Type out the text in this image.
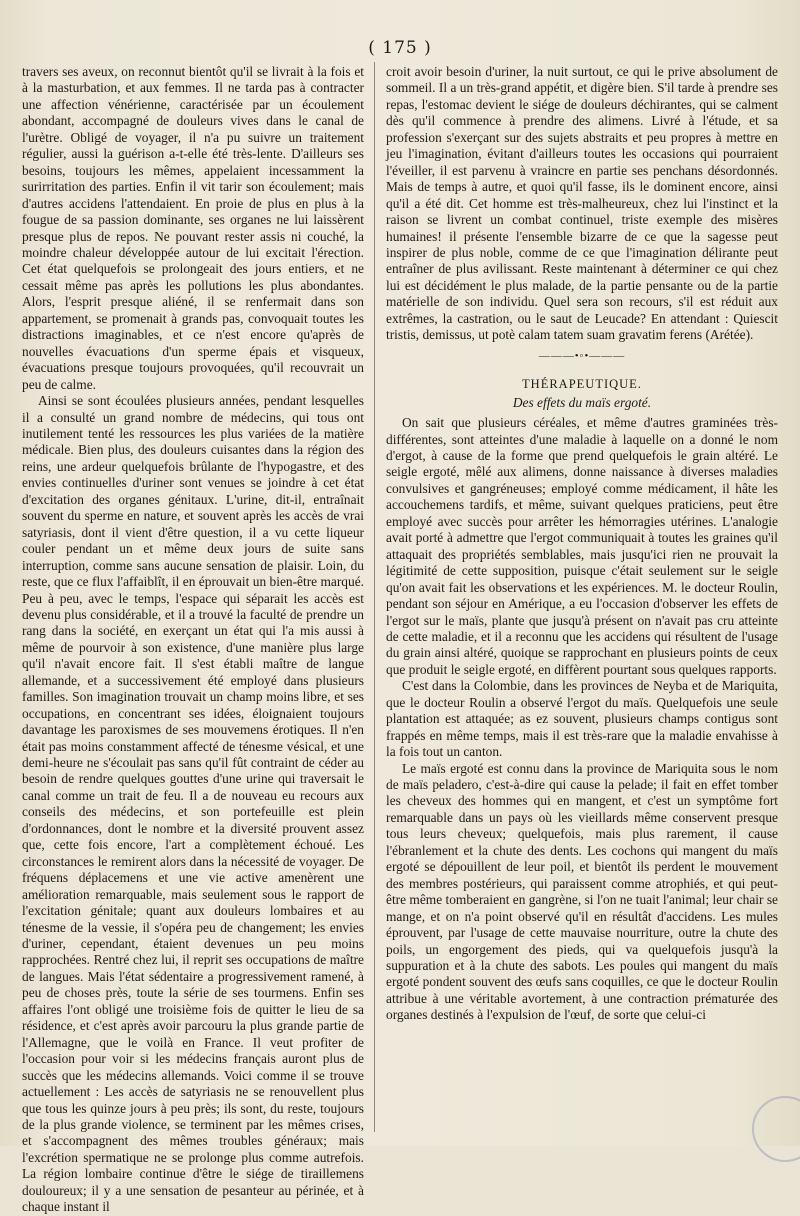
( 175 )

travers ses aveux, on reconnut bientôt qu'il se livrait à la fois et à la masturbation, et aux femmes. Il ne tarda pas à contracter une affection vénérienne, caractérisée par un écoulement abondant, accompagné de douleurs vives dans le canal de l'urètre. Obligé de voyager, il n'a pu suivre un traitement régulier, aussi la guérison a-t-elle été très-lente. D'ailleurs ses besoins, toujours les mêmes, appelaient incessamment la surirritation des parties. Enfin il vit tarir son écoulement; mais d'autres accidens l'attendaient. En proie de plus en plus à la fougue de sa passion dominante, ses organes ne lui laissèrent presque plus de repos. Ne pouvant rester assis ni couché, la moindre chaleur développée autour de lui excitait l'érection. Cet état quelquefois se prolongeait des jours entiers, et ne cessait même pas après les pollutions les plus abondantes. Alors, l'esprit presque aliéné, il se renfermait dans son appartement, se promenait à grands pas, convoquait toutes les distractions imaginables, et ce n'est encore qu'après de nouvelles évacuations d'un sperme épais et visqueux, évacuations presque toujours provoquées, qu'il recouvrait un peu de calme.

Ainsi se sont écoulées plusieurs années, pendant lesquelles il a consulté un grand nombre de médecins, qui tous ont inutilement tenté les ressources les plus variées de la matière médicale. Bien plus, des douleurs cuisantes dans la région des reins, une ardeur quelquefois brûlante de l'hypogastre, et des envies continuelles d'uriner sont venues se joindre à cet état d'excitation des organes génitaux. L'urine, dit-il, entraînait souvent du sperme en nature, et souvent après les accès de vrai satyriasis, dont il vient d'être question, il a vu cette liqueur couler pendant un et même deux jours de suite sans interruption, comme sans aucune sensation de plaisir. Loin, du reste, que ce flux l'affaiblît, il en éprouvait un bien-être marqué. Peu à peu, avec le temps, l'espace qui séparait les accès est devenu plus considérable, et il a trouvé la faculté de prendre un rang dans la société, en exerçant un état qui l'a mis aussi à même de pourvoir à son existence, d'une manière plus large qu'il n'avait encore fait. Il s'est établi maître de langue allemande, et a successivement été employé dans plusieurs familles. Son imagination trouvait un champ moins libre, et ses occupations, en concentrant ses idées, éloignaient toujours davantage les paroxismes de ses mouvemens érotiques. Il n'en était pas moins constamment affecté de ténesme vésical, et une demi-heure ne s'écoulait pas sans qu'il fût contraint de céder au besoin de rendre quelques gouttes d'une urine qui traversait le canal comme un trait de feu. Il a de nouveau eu recours aux conseils des médecins, et son portefeuille est plein d'ordonnances, dont le nombre et la diversité prouvent assez que, cette fois encore, l'art a complètement échoué. Les circonstances le remirent alors dans la nécessité de voyager. De fréquens déplacemens et une vie active amenèrent une amélioration remarquable, mais seulement sous le rapport de l'excitation génitale; quant aux douleurs lombaires et au ténesme de la vessie, il s'opéra peu de changement; les envies d'uriner, cependant, étaient devenues un peu moins rapprochées. Rentré chez lui, il reprit ses occupations de maître de langues. Mais l'état sédentaire a progressivement ramené, à peu de choses près, toute la série de ses tourmens. Enfin ses affaires l'ont obligé une troisième fois de quitter le lieu de sa résidence, et c'est après avoir parcouru la plus grande partie de l'Allemagne, que le voilà en France. Il veut profiter de l'occasion pour voir si les médecins français auront plus de succès que les médecins allemands. Voici comme il se trouve actuellement : Les accès de satyriasis ne se renouvellent plus que tous les quinze jours à peu près; ils sont, du reste, toujours de la plus grande violence, se terminent par les mêmes crises, et s'accompagnent des mêmes troubles généraux; mais l'excrétion spermatique ne se prolonge plus comme autrefois. La région lombaire continue d'être le siége de tiraillemens douloureux; il y a une sensation de pesanteur au périnée, et à chaque instant il

croit avoir besoin d'uriner, la nuit surtout, ce qui le prive absolument de sommeil. Il a un très-grand appétit, et digère bien. S'il tarde à prendre ses repas, l'estomac devient le siége de douleurs déchirantes, qui se calment dès qu'il commence à prendre des alimens. Livré à l'étude, et sa profession s'exerçant sur des sujets abstraits et peu propres à mettre en jeu l'imagination, évitant d'ailleurs toutes les occasions qui pourraient l'éveiller, il est parvenu à vraincre en partie ses penchans désordonnés. Mais de temps à autre, et quoi qu'il fasse, ils le dominent encore, ainsi qu'il a été dit. Cet homme est très-malheureux, chez lui l'instinct et la raison se livrent un combat continuel, triste exemple des misères humaines! il présente l'ensemble bizarre de ce que la sagesse peut inspirer de plus noble, comme de ce que l'imagination délirante peut entraîner de plus avilissant. Reste maintenant à déterminer ce qui chez lui est décidément le plus malade, de la partie pensante ou de la partie matérielle de son individu. Quel sera son recours, s'il est réduit aux extrêmes, la castration, ou le saut de Leucade? En attendant : Quiescit tristis, demissus, ut potè calam tatem suam gravatim ferens (Arétée).

———•◦•———
THÉRAPEUTIQUE.
Des effets du maïs ergoté.

On sait que plusieurs céréales, et même d'autres graminées très-différentes, sont atteintes d'une maladie à laquelle on a donné le nom d'ergot, à cause de la forme que prend quelquefois le grain altéré. Le seigle ergoté, mêlé aux alimens, donne naissance à diverses maladies convulsives et gangréneuses; employé comme médicament, il hâte les accouchemens tardifs, et même, suivant quelques praticiens, peut être employé avec succès pour arrêter les hémorragies utérines. L'analogie avait porté à admettre que l'ergot communiquait à toutes les graines qu'il attaquait des propriétés semblables, mais jusqu'ici rien ne prouvait la légitimité de cette supposition, puisque c'était seulement sur le seigle qu'on avait fait les observations et les expériences. M. le docteur Roulin, pendant son séjour en Amérique, a eu l'occasion d'observer les effets de l'ergot sur le maïs, plante que jusqu'à présent on n'avait pas cru atteinte de cette maladie, et il a reconnu que les accidens qui résultent de l'usage du grain ainsi altéré, quoique se rapprochant en plusieurs points de ceux que produit le seigle ergoté, en diffèrent pourtant sous quelques rapports.

C'est dans la Colombie, dans les provinces de Neyba et de Mariquita, que le docteur Roulin a observé l'ergot du maïs. Quelquefois une seule plantation est attaquée; as ez souvent, plusieurs champs contigus sont frappés en même temps, mais il est très-rare que la maladie envahisse à la fois tout un canton.

Le maïs ergoté est connu dans la province de Mariquita sous le nom de maïs peladero, c'est-à-dire qui cause la pelade; il fait en effet tomber les cheveux des hommes qui en mangent, et c'est un symptôme fort remarquable dans un pays où les vieillards même conservent presque tous leurs cheveux; quelquefois, mais plus rarement, il cause l'ébranlement et la chute des dents. Les cochons qui mangent du maïs ergoté se dépouillent de leur poil, et bientôt ils perdent le mouvement des membres postérieurs, qui paraissent comme atrophiés, et qui peut-être même tomberaient en gangrène, si l'on ne tuait l'animal; leur chair se mange, et on n'a point observé qu'il en résultât d'accidens. Les mules éprouvent, par l'usage de cette mauvaise nourriture, outre la chute des poils, un engorgement des pieds, qui va quelquefois jusqu'à la suppuration et à la chute des sabots. Les poules qui mangent du maïs ergoté pondent souvent des œufs sans coquilles, ce que le docteur Roulin attribue à une véritable avortement, à une contraction prématurée des organes destinés à l'expulsion de l'œuf, de sorte que celui-ci
